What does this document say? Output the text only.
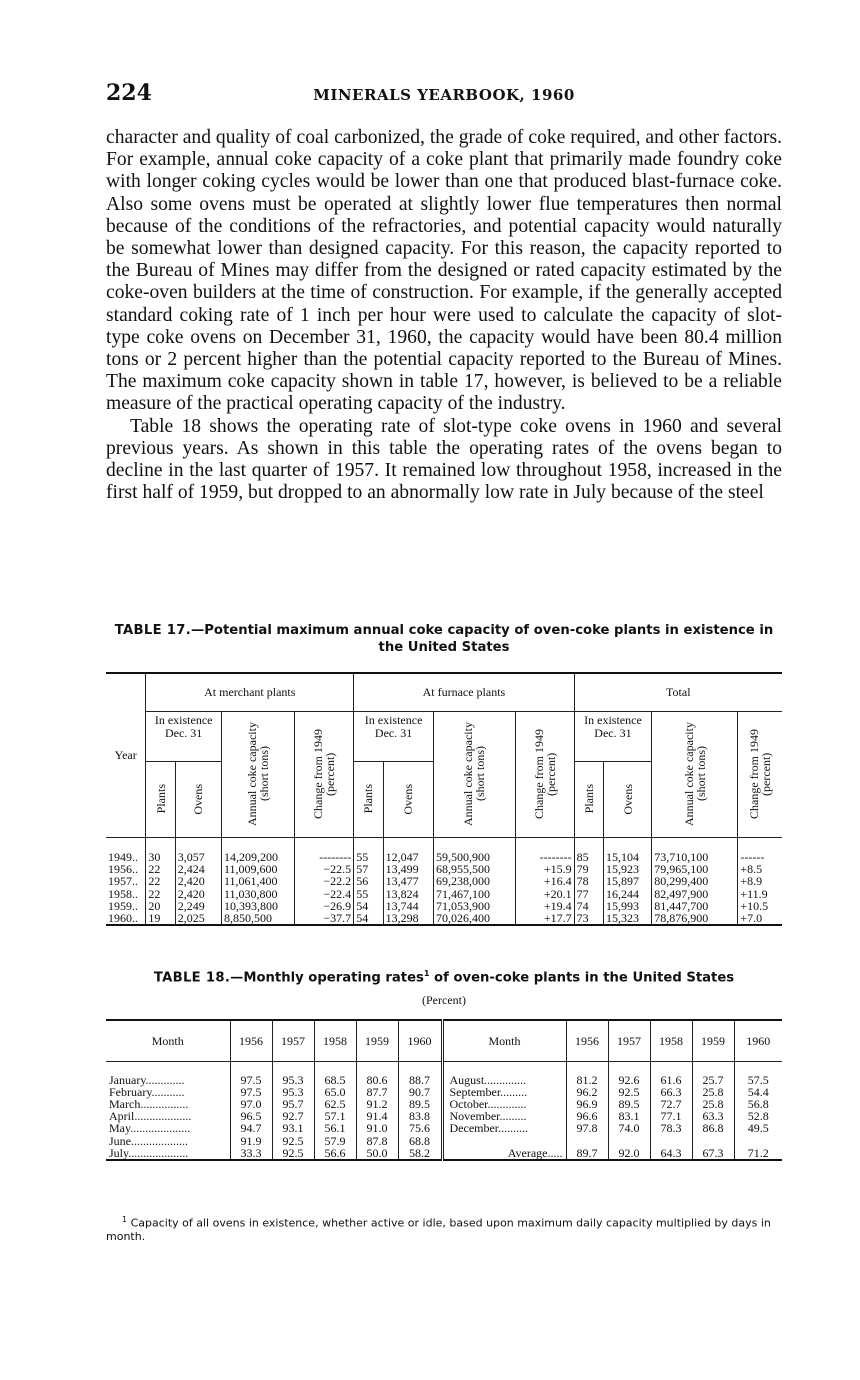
224	MINERALS YEARBOOK, 1960

character and quality of coal carbonized, the grade of coke required, and other factors. For example, annual coke capacity of a coke plant that primarily made foundry coke with longer coking cycles would be lower than one that produced blast-furnace coke. Also some ovens must be operated at slightly lower flue temperatures then normal because of the conditions of the refractories, and potential capacity would naturally be somewhat lower than designed capacity. For this reason, the capacity reported to the Bureau of Mines may differ from the designed or rated capacity estimated by the coke-oven builders at the time of construction. For example, if the generally accepted standard coking rate of 1 inch per hour were used to calculate the capacity of slot-type coke ovens on December 31, 1960, the capacity would have been 80.4 million tons or 2 percent higher than the potential capacity reported to the Bureau of Mines. The maximum coke capacity shown in table 17, however, is believed to be a reliable measure of the practical operating capacity of the industry.

Table 18 shows the operating rate of slot-type coke ovens in 1960 and several previous years. As shown in this table the operating rates of the ovens began to decline in the last quarter of 1957. It remained low throughout 1958, increased in the first half of 1959, but dropped to an abnormally low rate in July because of the steel

TABLE 17.—Potential maximum annual coke capacity of oven-coke plants in existence in the United States
Year	At merchant plants				At furnace plants				Total			
	In existence Dec. 31		Annual coke capacity (short tons)	Change from 1949 (percent)	In existence Dec. 31		Annual coke capacity (short tons)	Change from 1949 (percent)	In existence Dec. 31		Annual coke capacity (short tons)	Change from 1949 (percent)

	Plants	Ovens			Plants	Ovens			Plants	Ovens		

1949..	30	3,057	14,209,200	--------	55	12,047	59,500,900	--------	85	15,104	73,710,100	------
1956..	22	2,424	11,009,600	−22.5	57	13,499	68,955,500	+15.9	79	15,923	79,965,100	+8.5
1957..	22	2,420	11,061,400	−22.2	56	13,477	69,238,000	+16.4	78	15,897	80,299,400	+8.9
1958..	22	2,420	11,030,800	−22.4	55	13,824	71,467,100	+20.1	77	16,244	82,497,900	+11.9
1959..	20	2,249	10,393,800	−26.9	54	13,744	71,053,900	+19.4	74	15,993	81,447,700	+10.5
1960..	19	2,025	8,850,500	−37.7	54	13,298	70,026,400	+17.7	73	15,323	78,876,900	+7.0
TABLE 18.—Monthly operating rates$^1$ of oven-coke plants in the United States
(Percent)
Month	1956	1957	1958	1959	1960	Month	1956	1957	1958	1959	1960

January.............	97.5	95.3	68.5	80.6	88.7	August..............	81.2	92.6	61.6	25.7	57.5
February...........	97.5	95.3	65.0	87.7	90.7	September.........	96.2	92.5	66.3	25.8	54.4
March................	97.0	95.7	62.5	91.2	89.5	October.............	96.9	89.5	72.7	25.8	56.8
April...................	96.5	92.7	57.1	91.4	83.8	November.........	96.6	83.1	77.1	63.3	52.8
May....................	94.7	93.1	56.1	91.0	75.6	December..........	97.8	74.0	78.3	86.8	49.5
June...................	91.9	92.5	57.9	87.8	68.8						
July....................	33.3	92.5	56.6	50.0	58.2	Average.....	89.7	92.0	64.3	67.3	71.2
$^1$ Capacity of all ovens in existence, whether active or idle, based upon maximum daily capacity multiplied by days in month.
